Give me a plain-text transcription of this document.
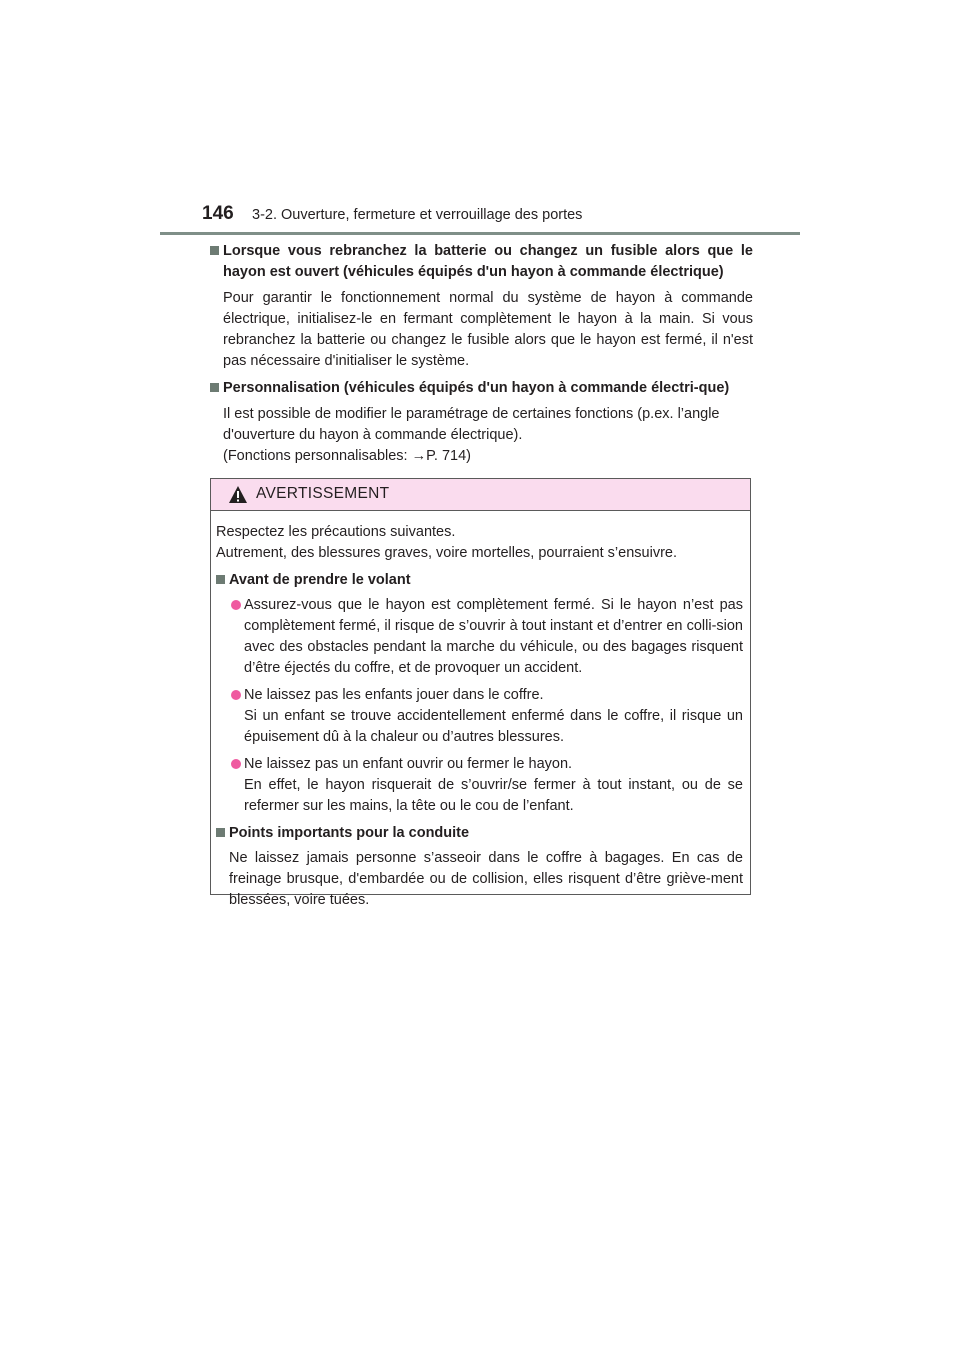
146 3-2. Ouverture, fermeture et verrouillage des portes
Lorsque vous rebranchez la batterie ou changez un fusible alors que le hayon est ouvert (véhicules équipés d'un hayon à commande électrique)
Pour garantir le fonctionnement normal du système de hayon à commande électrique, initialisez-le en fermant complètement le hayon à la main. Si vous rebranchez la batterie ou changez le fusible alors que le hayon est fermé, il n'est pas nécessaire d'initialiser le système.
Personnalisation (véhicules équipés d'un hayon à commande électri-que)
Il est possible de modifier le paramétrage de certaines fonctions (p.ex. l’angle d'ouverture du hayon à commande électrique).
(Fonctions personnalisables: →P. 714)
AVERTISSEMENT
Respectez les précautions suivantes.
Autrement, des blessures graves, voire mortelles, pourraient s’ensuivre.
Avant de prendre le volant
Assurez-vous que le hayon est complètement fermé. Si le hayon n’est pas complètement fermé, il risque de s’ouvrir à tout instant et d’entrer en colli-sion avec des obstacles pendant la marche du véhicule, ou des bagages risquent d’être éjectés du coffre, et de provoquer un accident.
Ne laissez pas les enfants jouer dans le coffre.
Si un enfant se trouve accidentellement enfermé dans le coffre, il risque un épuisement dû à la chaleur ou d’autres blessures.
Ne laissez pas un enfant ouvrir ou fermer le hayon.
En effet, le hayon risquerait de s’ouvrir/se fermer à tout instant, ou de se refermer sur les mains, la tête ou le cou de l’enfant.
Points importants pour la conduite
Ne laissez jamais personne s’asseoir dans le coffre à bagages. En cas de freinage brusque, d'embardée ou de collision, elles risquent d’être griève-ment blessées, voire tuées.
